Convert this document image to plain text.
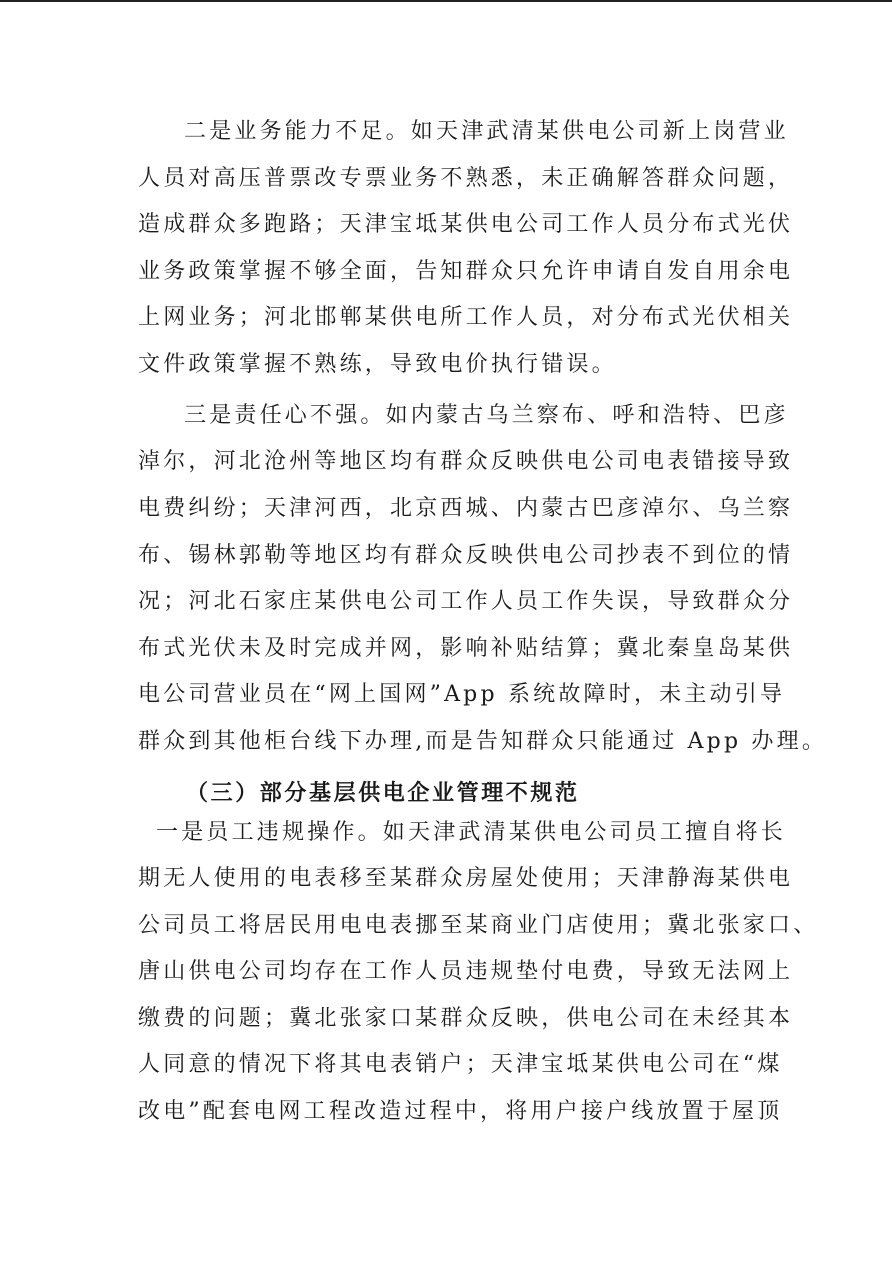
二是业务能力不足。如天津武清某供电公司新上岗营业
人员对高压普票改专票业务不熟悉，未正确解答群众问题，
造成群众多跑路；天津宝坻某供电公司工作人员分布式光伏
业务政策掌握不够全面，告知群众只允许申请自发自用余电
上网业务；河北邯郸某供电所工作人员，对分布式光伏相关
文件政策掌握不熟练，导致电价执行错误。
三是责任心不强。如内蒙古乌兰察布、呼和浩特、巴彦
淖尔，河北沧州等地区均有群众反映供电公司电表错接导致
电费纠纷；天津河西，北京西城、内蒙古巴彦淖尔、乌兰察
布、锡林郭勒等地区均有群众反映供电公司抄表不到位的情
况；河北石家庄某供电公司工作人员工作失误，导致群众分
布式光伏未及时完成并网，影响补贴结算；冀北秦皇岛某供
电公司营业员在“网上国网”App 系统故障时，未主动引导
群众到其他柜台线下办理,而是告知群众只能通过 App 办理。
（三）部分基层供电企业管理不规范
一是员工违规操作。如天津武清某供电公司员工擅自将长
期无人使用的电表移至某群众房屋处使用；天津静海某供电
公司员工将居民用电电表挪至某商业门店使用；冀北张家口、
唐山供电公司均存在工作人员违规垫付电费，导致无法网上
缴费的问题；冀北张家口某群众反映，供电公司在未经其本
人同意的情况下将其电表销户；天津宝坻某供电公司在“煤
改电”配套电网工程改造过程中，将用户接户线放置于屋顶
